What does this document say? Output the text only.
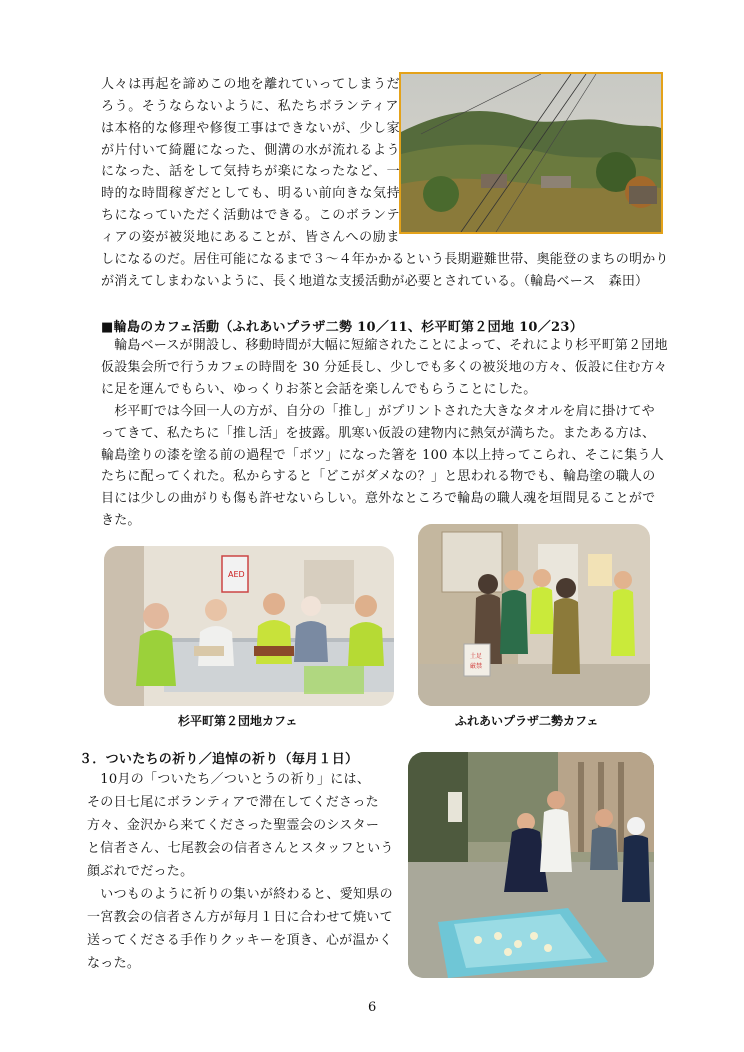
人々は再起を諦めこの地を離れていってしまうだ
ろう。そうならないように、私たちボランティア
は本格的な修理や修復工事はできないが、少し家
が片付いて綺麗になった、側溝の水が流れるよう
になった、話をして気持ちが楽になったなど、一
時的な時間稼ぎだとしても、明るい前向きな気持
ちになっていただく活動はできる。このボランテ
ィアの姿が被災地にあることが、皆さんへの励ま
しになるのだ。居住可能になるまで３～４年かかるという長期避難世帯、奥能登のまちの明かり
が消えてしまわないように、長く地道な支援活動が必要とされている。（輪島ベース　森田）
■輪島のカフェ活動（ふれあいプラザ二勢 10／11、杉平町第２団地 10／23）
　輪島ベースが開設し、移動時間が大幅に短縮されたことによって、それにより杉平町第２団地
仮設集会所で行うカフェの時間を 30 分延長し、少しでも多くの被災地の方々、仮設に住む方々
に足を運んでもらい、ゆっくりお茶と会話を楽しんでもらうことにした。
　杉平町では今回一人の方が、自分の「推し」がプリントされた大きなタオルを肩に掛けてや
ってきて、私たちに「推し活」を披露。肌寒い仮設の建物内に熱気が満ちた。またある方は、
輪島塗りの漆を塗る前の過程で「ボツ」になった箸を 100 本以上持ってこられ、そこに集う人
たちに配ってくれた。私からすると「どこがダメなの？」と思われる物でも、輪島塗の職人の
目には少しの曲がりも傷も許せないらしい。意外なところで輪島の職人魂を垣間見ることがで
きた。
AED
土足
厳禁
杉平町第２団地カフェ	ふれあいプラザ二勢カフェ
３．ついたちの祈り／追悼の祈り（毎月１日）
　10月の「ついたち／ついとうの祈り」には、
その日七尾にボランティアで滞在してくださった
方々、金沢から来てくださった聖霊会のシスター
と信者さん、七尾教会の信者さんとスタッフという
顔ぶれでだった。
　いつものように祈りの集いが終わると、愛知県の
一宮教会の信者さん方が毎月１日に合わせて焼いて
送ってくださる手作りクッキーを頂き、心が温かく
なった。
6
